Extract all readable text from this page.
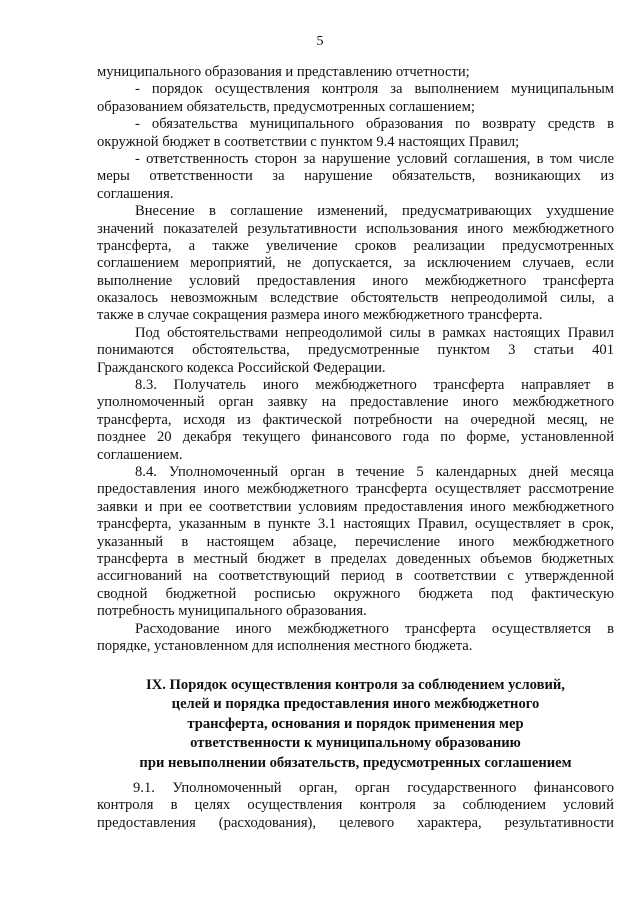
5
муниципального образования и представлению отчетности;
- порядок осуществления контроля за выполнением муниципальным
образованием обязательств, предусмотренных соглашением;
- обязательства муниципального образования по возврату средств в
окружной бюджет в соответствии с пунктом 9.4 настоящих Правил;
- ответственность сторон за нарушение условий соглашения, в том числе
меры ответственности за нарушение обязательств, возникающих из
соглашения.
Внесение в соглашение изменений, предусматривающих ухудшение
значений показателей результативности использования иного межбюджетного
трансферта, а также увеличение сроков реализации предусмотренных
соглашением мероприятий, не допускается, за исключением случаев, если
выполнение условий предоставления иного межбюджетного трансферта
оказалось невозможным вследствие обстоятельств непреодолимой силы, а
также в случае сокращения размера иного межбюджетного трансферта.
Под обстоятельствами непреодолимой силы в рамках настоящих Правил
понимаются обстоятельства, предусмотренные пунктом 3 статьи 401
Гражданского кодекса Российской Федерации.
8.3. Получатель иного межбюджетного трансферта направляет в
уполномоченный орган заявку на предоставление иного межбюджетного
трансферта, исходя из фактической потребности на очередной месяц, не
позднее 20 декабря текущего финансового года по форме, установленной
соглашением.
8.4. Уполномоченный орган в течение 5 календарных дней месяца
предоставления иного межбюджетного трансферта осуществляет рассмотрение
заявки и при ее соответствии условиям предоставления иного межбюджетного
трансферта, указанным в пункте 3.1 настоящих Правил, осуществляет в срок,
указанный в настоящем абзаце, перечисление иного межбюджетного
трансферта в местный бюджет в пределах доведенных объемов бюджетных
ассигнований на соответствующий период в соответствии с утвержденной
сводной бюджетной росписью окружного бюджета под фактическую
потребность муниципального образования.
Расходование иного межбюджетного трансферта осуществляется в
порядке, установленном для исполнения местного бюджета.
IX. Порядок осуществления контроля за соблюдением условий,
целей и порядка предоставления иного межбюджетного
трансферта, основания и порядок применения мер
ответственности к муниципальному образованию
при невыполнении обязательств, предусмотренных соглашением
9.1. Уполномоченный орган, орган государственного финансового
контроля в целях осуществления контроля за соблюдением условий
предоставления (расходования), целевого характера, результативности
